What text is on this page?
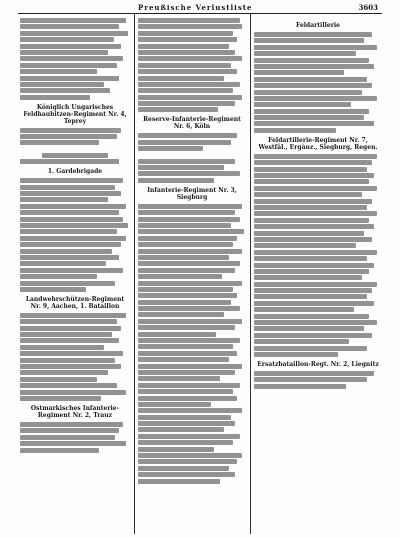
Preußische Verlustliste	3603
Königlich Ungarisches Feldhaubitzen-Regiment Nr. 4, Teprey
1. Gardebrigade
Landwehrschützen-Regiment Nr. 9, Aachen, 1. Bataillon
Ostmarkisches Infanterie-Regiment Nr. 2, Trauz
Reserve-Infanterie-Regiment Nr. 6, Köln
Infanterie-Regiment Nr. 3, Siegburg
Feldartillerie
Feldartillerie-Regiment Nr. 7, Westfäl., Ergänz., Siegburg, Regen.
Ersatzbataillon-Regt. Nr. 2, Liegnitz
